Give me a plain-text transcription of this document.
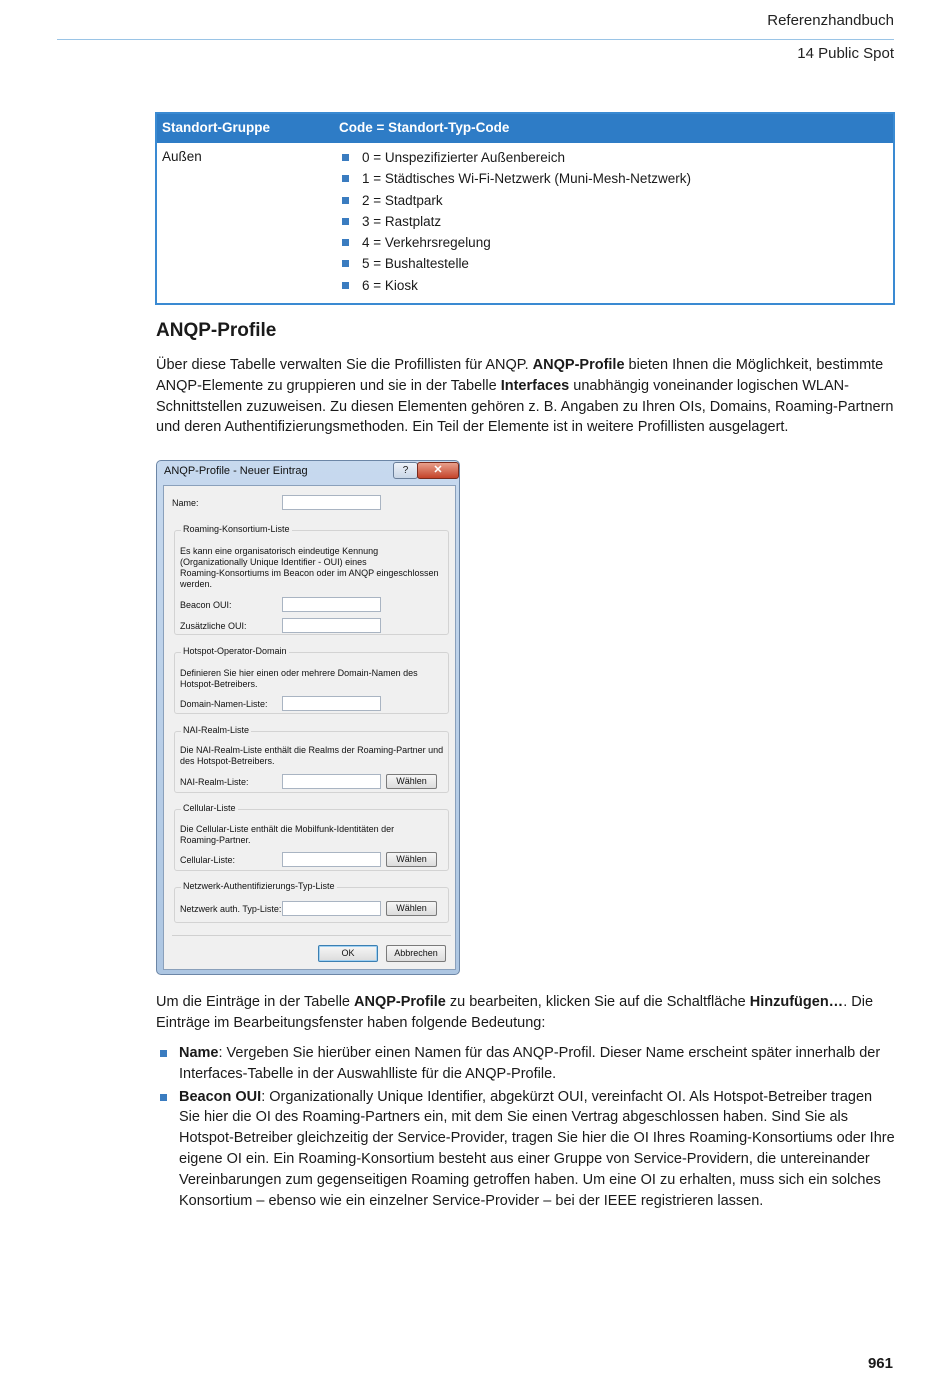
Referenzhandbuch
14 Public Spot
Standort-Gruppe	Code = Standort-Typ-Code
Außen	0 = Unspezifizierter Außenbereich
1 = Städtisches Wi-Fi-Netzwerk (Muni-Mesh-Netzwerk)
2 = Stadtpark
3 = Rastplatz
4 = Verkehrsregelung
5 = Bushaltestelle
6 = Kiosk
ANQP-Profile

Über diese Tabelle verwalten Sie die Profillisten für ANQP. ANQP-Profile bieten Ihnen die Möglichkeit, bestimmte ANQP-Elemente zu gruppieren und sie in der Tabelle Interfaces unabhängig voneinander logischen WLAN-Schnittstellen zuzuweisen. Zu diesen Elementen gehören z. B. Angaben zu Ihren OIs, Domains, Roaming-Partnern und deren Authentifizierungsmethoden. Ein Teil der Elemente ist in weitere Profillisten ausgelagert.

ANQP-Profile - Neuer Eintrag	?	✕
Name:
Roaming-Konsortium-Liste
Es kann eine organisatorisch eindeutige Kennung
(Organizationally Unique Identifier - OUI) eines
Roaming-Konsortiums im Beacon oder im ANQP eingeschlossen
werden.
Beacon OUI:
Zusätzliche OUI:
Hotspot-Operator-Domain
Definieren Sie hier einen oder mehrere Domain-Namen des
Hotspot-Betreibers.
Domain-Namen-Liste:
NAI-Realm-Liste
Die NAI-Realm-Liste enthält die Realms der Roaming-Partner und
des Hotspot-Betreibers.
NAI-Realm-Liste:	Wählen
Cellular-Liste
Die Cellular-Liste enthält die Mobilfunk-Identitäten der
Roaming-Partner.
Cellular-Liste:	Wählen
Netzwerk-Authentifizierungs-Typ-Liste
Netzwerk auth. Typ-Liste:	Wählen
OK	Abbrechen

Um die Einträge in der Tabelle ANQP-Profile zu bearbeiten, klicken Sie auf die Schaltfläche Hinzufügen…. Die Einträge im Bearbeitungsfenster haben folgende Bedeutung:

Name: Vergeben Sie hierüber einen Namen für das ANQP-Profil. Dieser Name erscheint später innerhalb der Interfaces-Tabelle in der Auswahlliste für die ANQP-Profile.
Beacon OUI: Organizationally Unique Identifier, abgekürzt OUI, vereinfacht OI. Als Hotspot-Betreiber tragen Sie hier die OI des Roaming-Partners ein, mit dem Sie einen Vertrag abgeschlossen haben. Sind Sie als Hotspot-Betreiber gleichzeitig der Service-Provider, tragen Sie hier die OI Ihres Roaming-Konsortiums oder Ihre eigene OI ein. Ein Roaming-Konsortium besteht aus einer Gruppe von Service-Providern, die untereinander Vereinbarungen zum gegenseitigen Roaming getroffen haben. Um eine OI zu erhalten, muss sich ein solches Konsortium – ebenso wie ein einzelner Service-Provider – bei der IEEE registrieren lassen.
961
